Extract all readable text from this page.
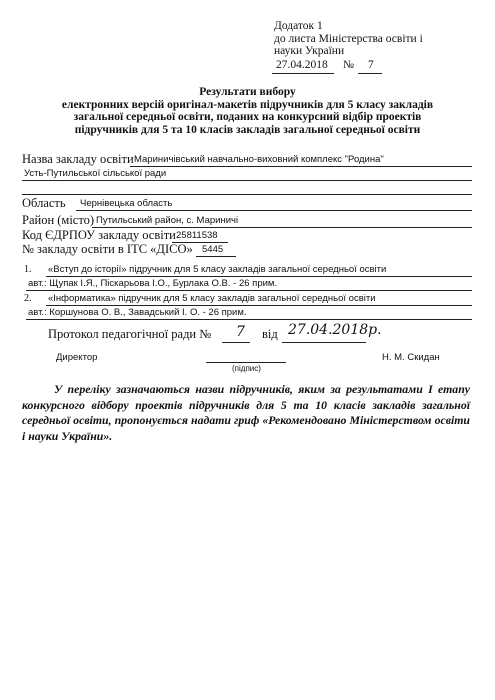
Додаток 1
до листа Міністерства освіти і
науки України
27.04.2018 № 7
Результати вибору
електронних версій оригінал-макетів підручників для 5 класу закладів
загальної середньої освіти, поданих на конкурсний відбір проектів
підручників для 5 та 10 класів закладів загальної середньої освіти
Назва закладу освіти Мариничівський навчально-виховний комплекс "Родина"
Усть-Путильської сільської ради
Область Чернівецька область
Район (місто) Путильський район, с. Мариничі
Код ЄДРПОУ закладу освіти 25811538
№ закладу освіти в ІТС «ДІСО» 5445
1. «Вступ до історії» підручник для 5 класу закладів загальної середньої освіти
авт.: Щупак І.Я., Піскарьова І.О., Бурлака О.В. - 26 прим.
2. «Інформатика» підручник для 5 класу закладів загальної середньої освіти
авт.: Коршунова О. В., Завадський І. О. - 26 прим.
Протокол педагогічної ради № 7 від 27.04.2018р.
Директор
(підпис)
Н. М. Скидан
У переліку зазначаються назви підручників, яким за результатами І етапу конкурсного відбору проектів підручників для 5 та 10 класів закладів загальної середньої освіти, пропонується надати гриф «Рекомендовано Міністерством освіти і науки України».
